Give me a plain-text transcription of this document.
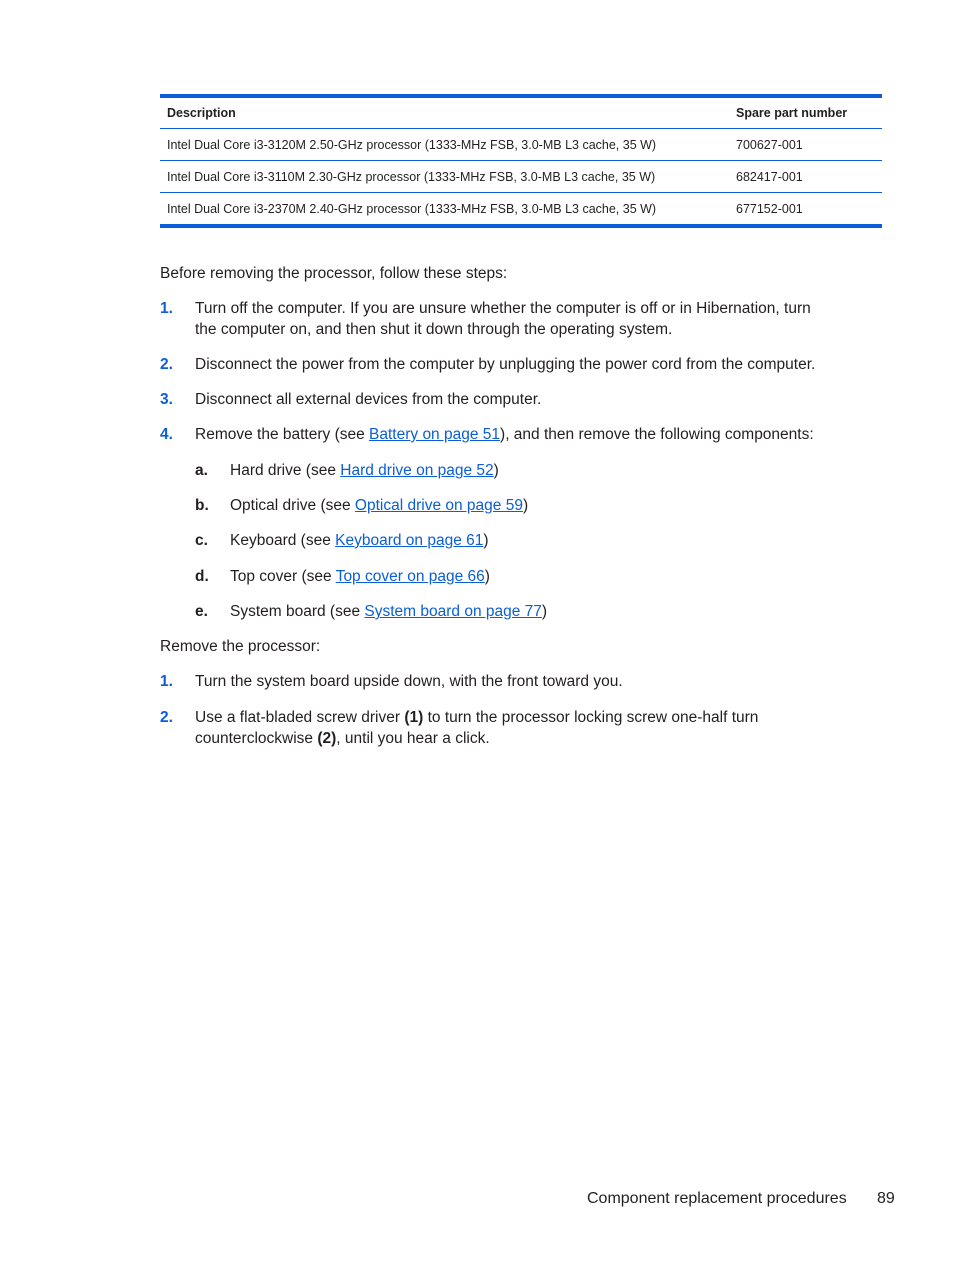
Description	Spare part number
Intel Dual Core i3-3120M 2.50-GHz processor (1333-MHz FSB, 3.0-MB L3 cache, 35 W)	700627-001
Intel Dual Core i3-3110M 2.30-GHz processor (1333-MHz FSB, 3.0-MB L3 cache, 35 W)	682417-001
Intel Dual Core i3-2370M 2.40-GHz processor (1333-MHz FSB, 3.0-MB L3 cache, 35 W)	677152-001
Before removing the processor, follow these steps:
1. Turn off the computer. If you are unsure whether the computer is off or in Hibernation, turn the computer on, and then shut it down through the operating system.
2. Disconnect the power from the computer by unplugging the power cord from the computer.
3. Disconnect all external devices from the computer.
4. Remove the battery (see Battery on page 51), and then remove the following components:
a. Hard drive (see Hard drive on page 52)
b. Optical drive (see Optical drive on page 59)
c. Keyboard (see Keyboard on page 61)
d. Top cover (see Top cover on page 66)
e. System board (see System board on page 77)
Remove the processor:
1. Turn the system board upside down, with the front toward you.
2. Use a flat-bladed screw driver (1) to turn the processor locking screw one-half turn counterclockwise (2), until you hear a click.
Component replacement procedures 89
